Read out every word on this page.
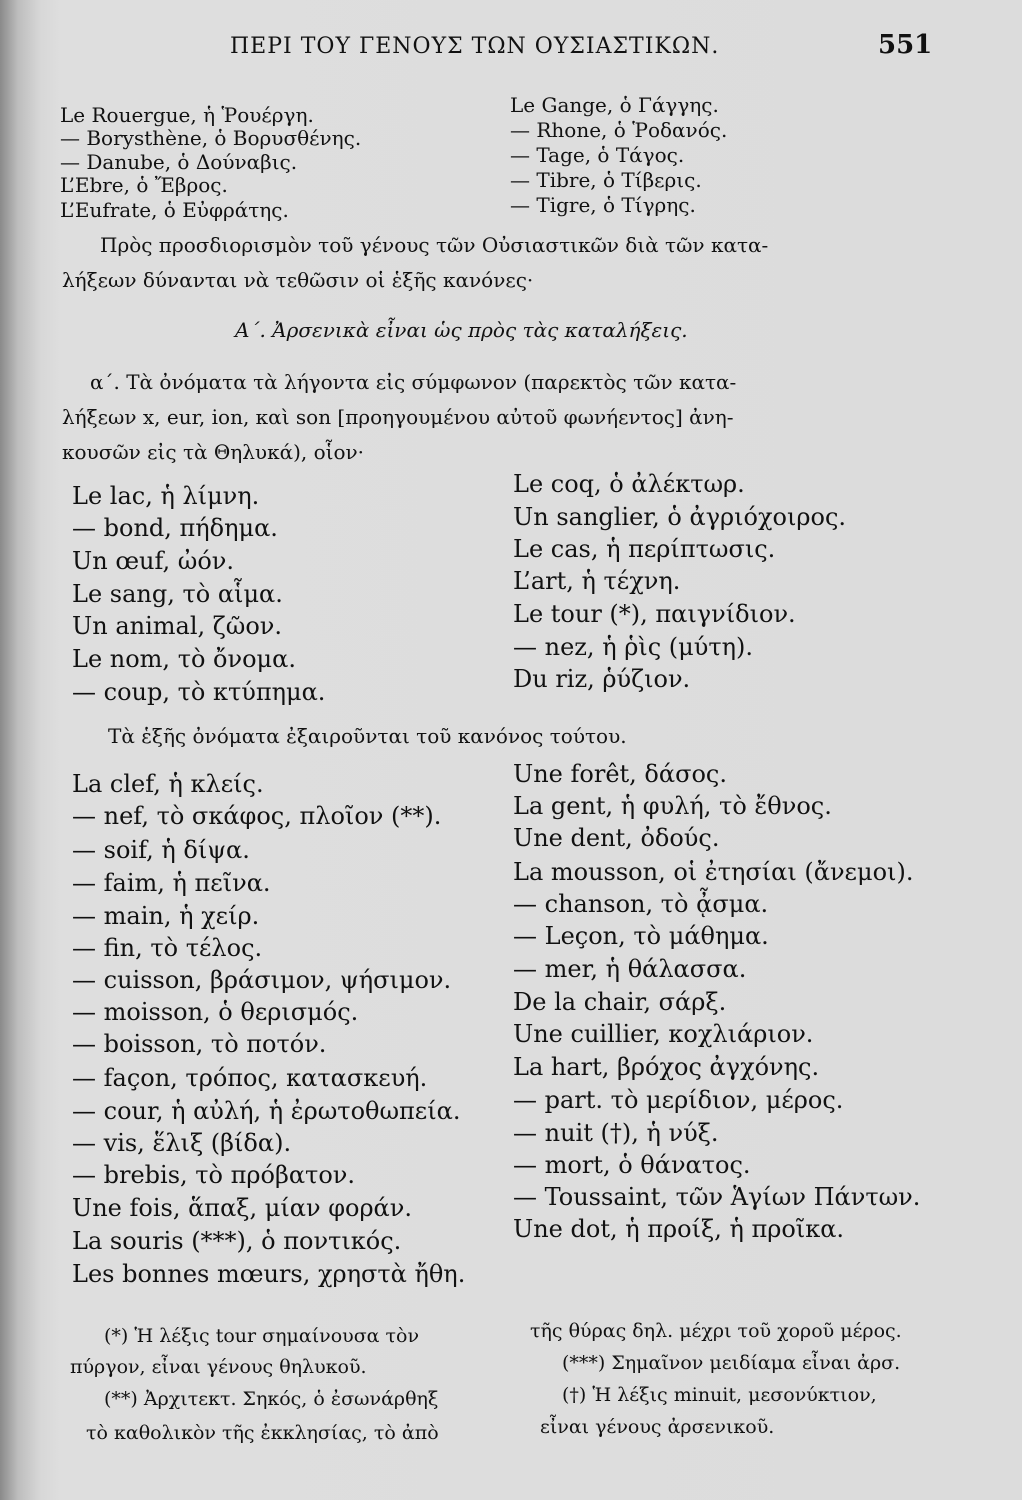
ΠΕΡΙ ΤΟΥ ΓΕΝΟΥΣ ΤΩΝ ΟΥΣΙΑΣΤΙΚΩΝ.	551
Le Rouergue, ἡ Ῥουέργη.
— Borysthène, ὁ Βορυσθένης.
— Danube, ὁ Δούναβις.
L’Ebre, ὁ Ἔβρος.
L’Eufrate, ὁ Εὐφράτης.
Le Gange, ὁ Γάγγης.
— Rhone, ὁ Ῥοδανός.
— Tage, ὁ Τάγος.
— Tibre, ὁ Τίβερις.
— Tigre, ὁ Τίγρης.
Πρὸς προσδιορισμὸν τοῦ γένους τῶν Οὐσιαστικῶν διὰ τῶν κατα-
λήξεων δύνανται νὰ τεθῶσιν οἱ ἑξῆς κανόνες·
Α΄. Ἀρσενικὰ εἶναι ὡς πρὸς τὰς καταλήξεις.
α΄. Τὰ ὀνόματα τὰ λήγοντα εἰς σύμφωνον (παρεκτὸς τῶν κατα-
λήξεων x, eur, ion, καὶ son [προηγουμένου αὐτοῦ φωνήεντος] ἀνη-
κουσῶν εἰς τὰ Θηλυκά), οἷον·
Le lac, ἡ λίμνη.
— bond, πήδημα.
Un œuf, ὠόν.
Le sang, τὸ αἷμα.
Un animal, ζῶον.
Le nom, τὸ ὄνομα.
— coup, τὸ κτύπημα.
Le coq, ὁ ἀλέκτωρ.
Un sanglier, ὁ ἀγριόχοιρος.
Le cas, ἡ περίπτωσις.
L’art, ἡ τέχνη.
Le tour (*), παιγνίδιον.
— nez, ἡ ῥὶς (μύτη).
Du riz, ῥύζιον.
Τὰ ἑξῆς ὀνόματα ἐξαιροῦνται τοῦ κανόνος τούτου.
La clef, ἡ κλείς.
— nef, τὸ σκάφος, πλοῖον (**).
— soif, ἡ δίψα.
— faim, ἡ πεῖνα.
— main, ἡ χείρ.
— fin, τὸ τέλος.
— cuisson, βράσιμον, ψήσιμον.
— moisson, ὁ θερισμός.
— boisson, τὸ ποτόν.
— façon, τρόπος, κατασκευή.
— cour, ἡ αὐλή, ἡ ἐρωτοθωπεία.
— vis, ἕλιξ (βίδα).
— brebis, τὸ πρόβατον.
Une fois, ἅπαξ, μίαν φοράν.
La souris (***), ὁ ποντικός.
Les bonnes mœurs, χρηστὰ ἤθη.
Une forêt, δάσος.
La gent, ἡ φυλή, τὸ ἔθνος.
Une dent, ὀδούς.
La mousson, οἱ ἐτησίαι (ἄνεμοι).
— chanson, τὸ ᾆσμα.
— Leçon, τὸ μάθημα.
— mer, ἡ θάλασσα.
De la chair, σάρξ.
Une cuillier, κοχλιάριον.
La hart, βρόχος ἀγχόνης.
— part. τὸ μερίδιον, μέρος.
— nuit (†), ἡ νύξ.
— mort, ὁ θάνατος.
— Toussaint, τῶν Ἁγίων Πάντων.
Une dot, ἡ προίξ, ἡ προῖκα.
(*) Ἡ λέξις tour σημαίνουσα τὸν
πύργον, εἶναι γένους θηλυκοῦ.
(**) Ἀρχιτεκτ. Σηκός, ὁ ἐσωνάρθηξ
τὸ καθολικὸν τῆς ἐκκλησίας, τὸ ἀπὸ
τῆς θύρας δηλ. μέχρι τοῦ χοροῦ μέρος.
(***) Σημαῖνον μειδίαμα εἶναι ἀρσ.
(†) Ἡ λέξις minuit, μεσονύκτιον,
εἶναι γένους ἀρσενικοῦ.
